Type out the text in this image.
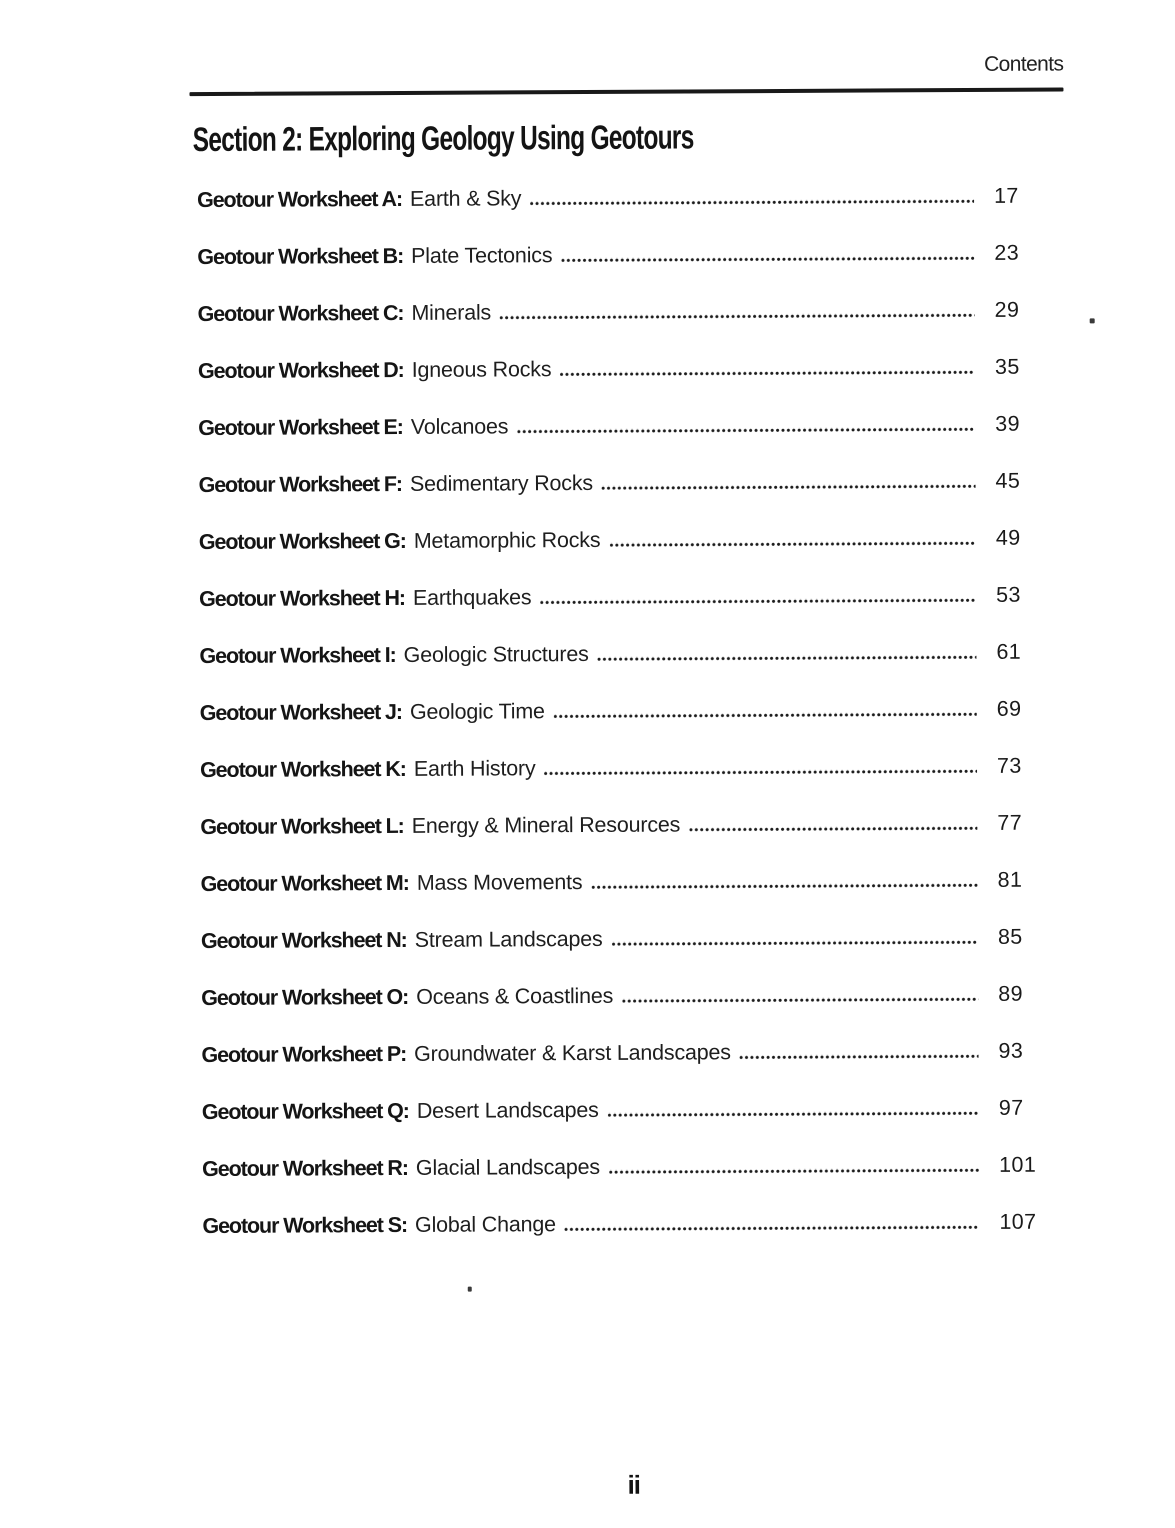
Contents
Section 2: Exploring Geology Using Geotours
Geotour Worksheet A: Earth & Sky	17
Geotour Worksheet B: Plate Tectonics	23
Geotour Worksheet C: Minerals	29
Geotour Worksheet D: Igneous Rocks	35
Geotour Worksheet E: Volcanoes	39
Geotour Worksheet F: Sedimentary Rocks	45
Geotour Worksheet G: Metamorphic Rocks	49
Geotour Worksheet H: Earthquakes	53
Geotour Worksheet I: Geologic Structures	61
Geotour Worksheet J: Geologic Time	69
Geotour Worksheet K: Earth History	73
Geotour Worksheet L: Energy & Mineral Resources	77
Geotour Worksheet M: Mass Movements	81
Geotour Worksheet N: Stream Landscapes	85
Geotour Worksheet O: Oceans & Coastlines	89
Geotour Worksheet P: Groundwater & Karst Landscapes	93
Geotour Worksheet Q: Desert Landscapes	97
Geotour Worksheet R: Glacial Landscapes	101
Geotour Worksheet S: Global Change	107
ii
